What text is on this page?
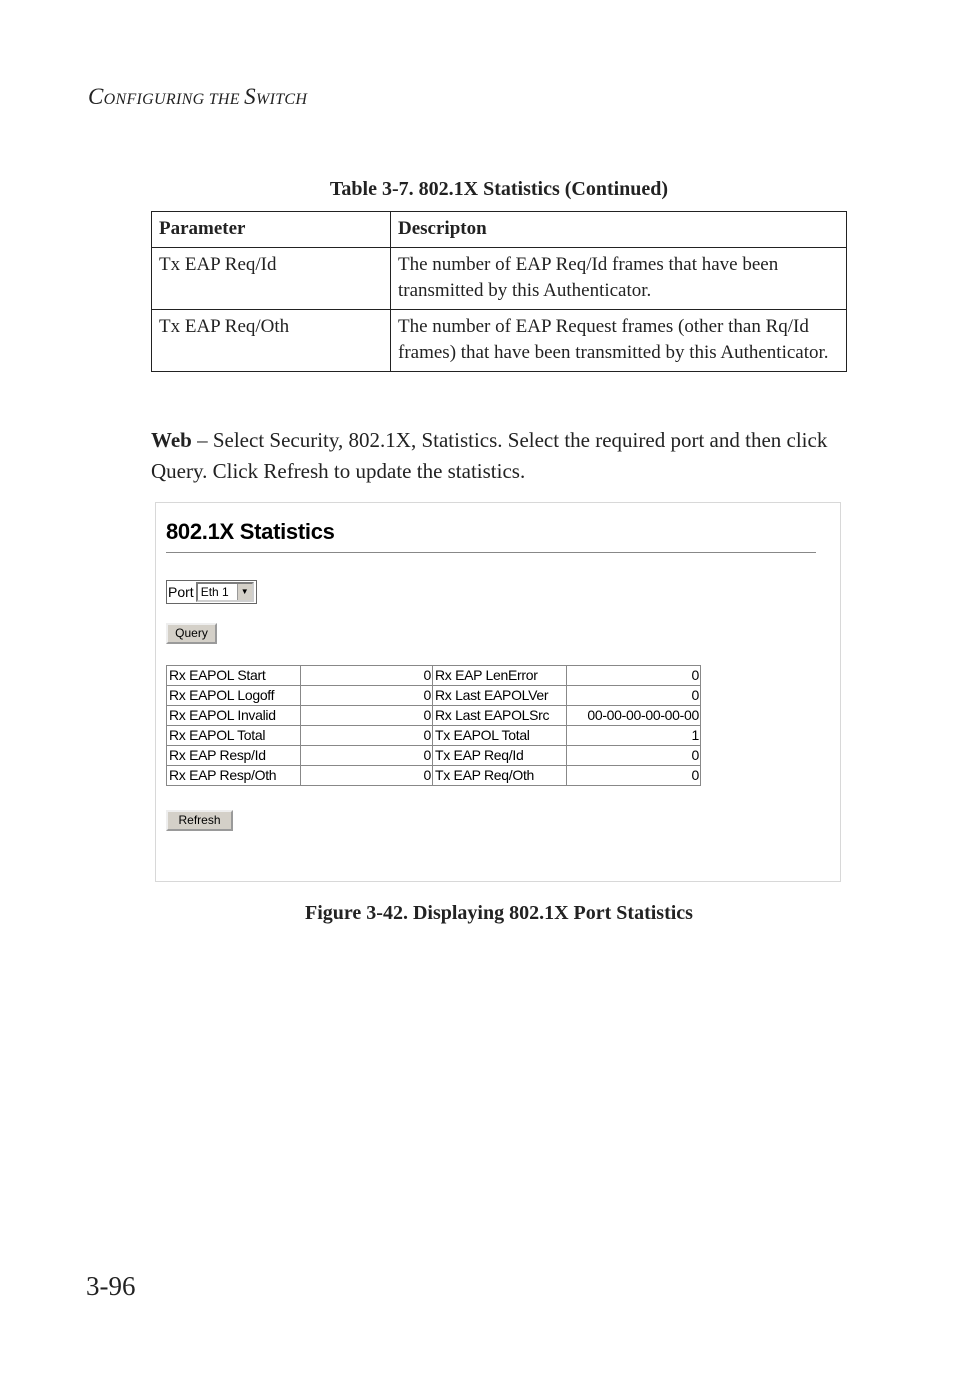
CONFIGURING THE SWITCH
Table 3-7. 802.1X Statistics (Continued)
Parameter	Descripton
Tx EAP Req/Id	The number of EAP Req/Id frames that have been transmitted by this Authenticator.
Tx EAP Req/Oth	The number of EAP Request frames (other than Rq/Id frames) that have been transmitted by this Authenticator.
Web – Select Security, 802.1X, Statistics. Select the required port and then click Query. Click Refresh to update the statistics.
802.1X Statistics
Port Eth 1	▼
Query
Rx EAPOL Start	0	Rx EAP LenError	0
Rx EAPOL Logoff	0	Rx Last EAPOLVer	0
Rx EAPOL Invalid	0	Rx Last EAPOLSrc	00-00-00-00-00-00
Rx EAPOL Total	0	Tx EAPOL Total	1
Rx EAP Resp/Id	0	Tx EAP Req/Id	0
Rx EAP Resp/Oth	0	Tx EAP Req/Oth	0
Refresh
Figure 3-42. Displaying 802.1X Port Statistics
3-96
